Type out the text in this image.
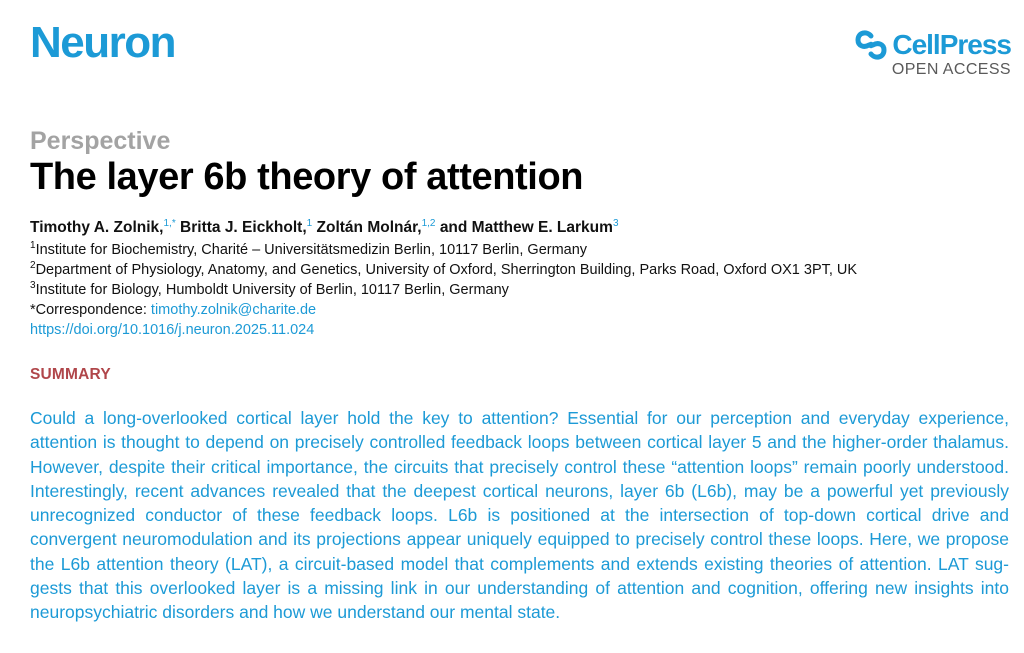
Neuron	CellPress
OPEN ACCESS
Perspective
The layer 6b theory of attention
Timothy A. Zolnik,$^{1,*}$ Britta J. Eickholt,$^1$ Zoltán Molnár,$^{1,2}$ and Matthew E. Larkum$^3$
$^1$Institute for Biochemistry, Charité – Universitätsmedizin Berlin, 10117 Berlin, Germany
$^2$Department of Physiology, Anatomy, and Genetics, University of Oxford, Sherrington Building, Parks Road, Oxford OX1 3PT, UK
$^3$Institute for Biology, Humboldt University of Berlin, 10117 Berlin, Germany
*Correspondence: timothy.zolnik@charite.de
https://doi.org/10.1016/j.neuron.2025.11.024
SUMMARY

Could a long-overlooked cortical layer hold the key to attention? Essential for our perception and everyday experience, attention is thought to depend on precisely controlled feedback loops between cortical layer 5 and the higher-order thalamus. However, despite their critical importance, the circuits that precisely control these “attention loops” remain poorly understood. Interestingly, recent advances revealed that the deepest cortical neurons, layer 6b (L6b), may be a powerful yet previously unrecognized conductor of these feedback loops. L6b is positioned at the intersection of top-down cortical drive and convergent neuromodulation and its projections appear uniquely equipped to precisely control these loops. Here, we propose the L6b attention theory (LAT), a circuit-based model that complements and extends existing theories of attention. LAT suggests that this overlooked layer is a missing link in our understanding of attention and cognition, offering new insights into neuropsychiatric disorders and how we understand our mental state.
